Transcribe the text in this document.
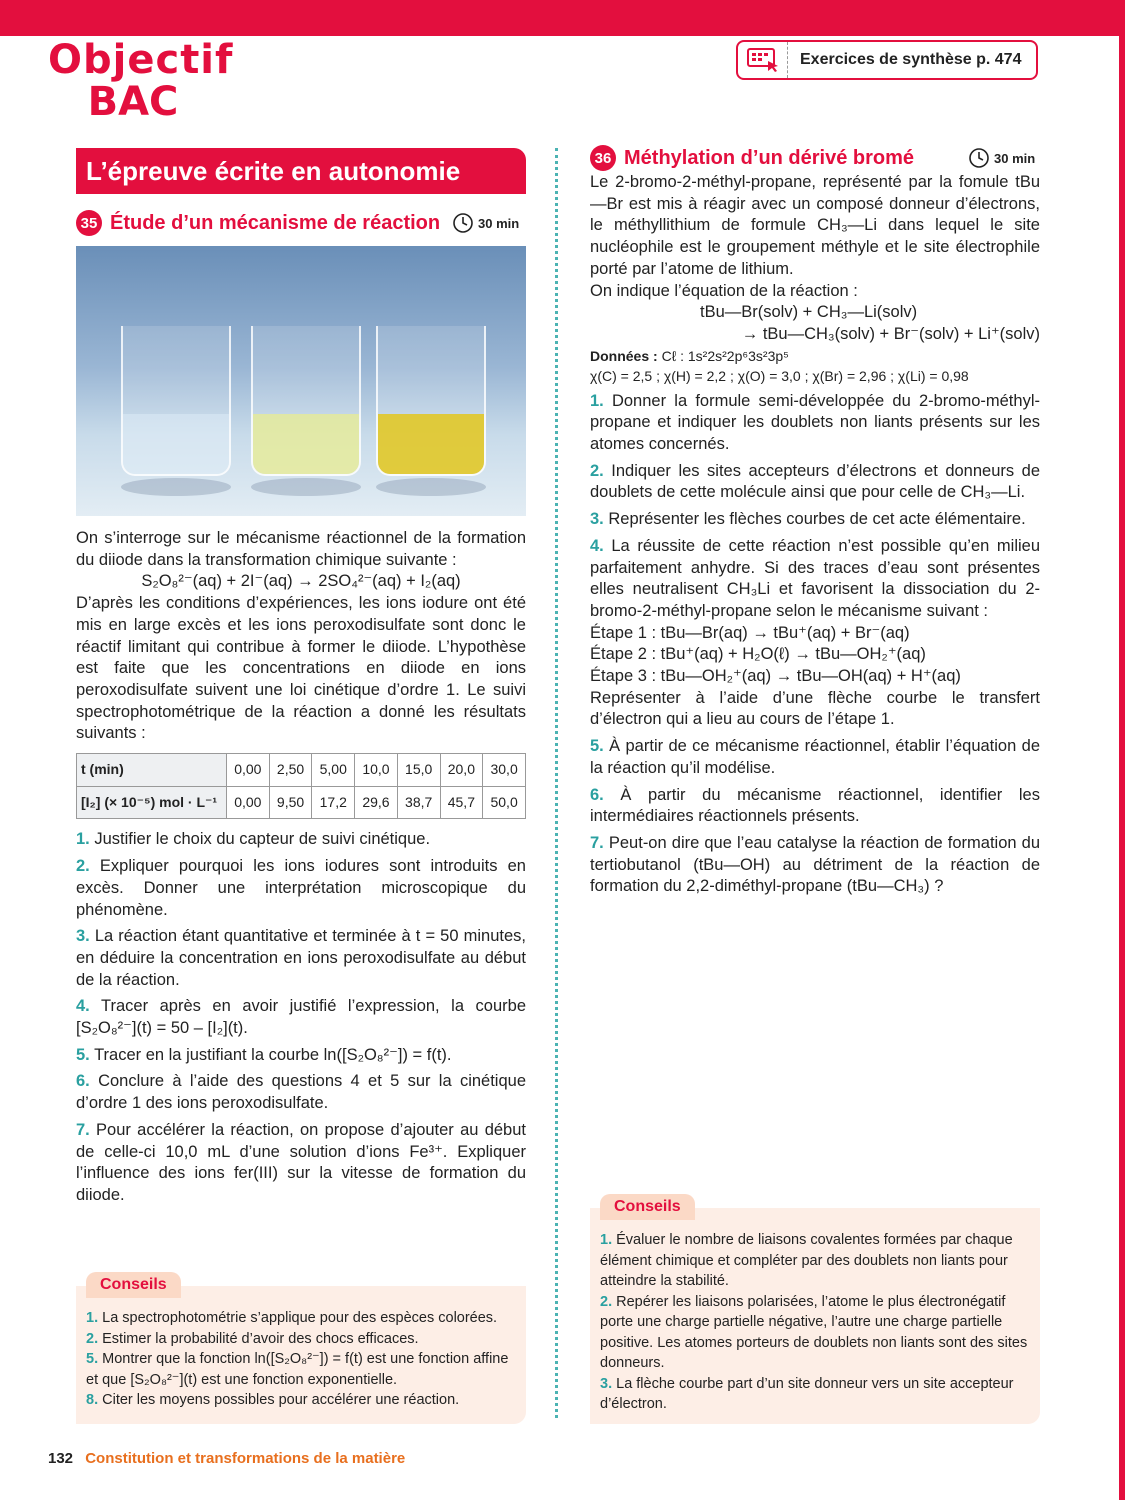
Objectif
BAC
Exercices de synthèse p. 474
L’épreuve écrite en autonomie
35 Étude d’un mécanisme de réaction	30 min

On s’interroge sur le mécanisme réactionnel de la formation du diiode dans la transformation chimique suivante :

S₂O₈²⁻(aq) + 2I⁻(aq) → 2SO₄²⁻(aq) + I₂(aq)

D’après les conditions d’expériences, les ions iodure ont été mis en large excès et les ions peroxodisulfate sont donc le réactif limitant qui contribue à former le diiode. L’hypothèse est faite que les concentrations en diiode en ions peroxodisulfate suivent une loi cinétique d’ordre 1. Le suivi spectrophotométrique de la réaction a donné les résultats suivants :

t (min)	0,00	2,50	5,00	10,0	15,0	20,0	30,0
[I₂] (× 10⁻⁵) mol · L⁻¹	0,00	9,50	17,2	29,6	38,7	45,7	50,0

1. Justifier le choix du capteur de suivi cinétique.

2. Expliquer pourquoi les ions iodures sont introduits en excès. Donner une interprétation microscopique du phénomène.

3. La réaction étant quantitative et terminée à t = 50 minutes, en déduire la concentration en ions peroxodisulfate au début de la réaction.

4. Tracer après en avoir justifié l’expression, la courbe [S₂O₈²⁻](t) = 50 – [I₂](t).

5. Tracer en la justifiant la courbe ln([S₂O₈²⁻]) = f(t).

6. Conclure à l’aide des questions 4 et 5 sur la cinétique d’ordre 1 des ions peroxodisulfate.

7. Pour accélérer la réaction, on propose d’ajouter au début de celle-ci 10,0 mL d’une solution d’ions Fe³⁺. Expliquer l’influence des ions fer(III) sur la vitesse de formation du diiode.

Conseils
1. La spectrophotométrie s’applique pour des espèces colorées.
2. Estimer la probabilité d’avoir des chocs efficaces.
5. Montrer que la fonction ln([S₂O₈²⁻]) = f(t) est une fonction affine et que [S₂O₈²⁻](t) est une fonction exponentielle.
8. Citer les moyens possibles pour accélérer une réaction.
36 Méthylation d’un dérivé bromé	30 min

Le 2-bromo-2-méthyl-propane, représenté par la fomule tBu—Br est mis à réagir avec un composé donneur d’électrons, le méthyllithium de formule CH₃—Li dans lequel le site nucléophile est le groupement méthyle et le site électrophile porté par l’atome de lithium.

On indique l’équation de la réaction :

tBu—Br(solv) + CH₃—Li(solv)

→ tBu—CH₃(solv) + Br⁻(solv) + Li⁺(solv)

Données : Cℓ : 1s²2s²2p⁶3s²3p⁵

χ(C) = 2,5 ; χ(H) = 2,2 ; χ(O) = 3,0 ; χ(Br) = 2,96 ; χ(Li) = 0,98

1. Donner la formule semi-développée du 2-bromo-méthyl-propane et indiquer les doublets non liants présents sur les atomes concernés.

2. Indiquer les sites accepteurs d’électrons et donneurs de doublets de cette molécule ainsi que pour celle de CH₃—Li.

3. Représenter les flèches courbes de cet acte élémentaire.

4. La réussite de cette réaction n’est possible qu’en milieu parfaitement anhydre. Si des traces d’eau sont présentes elles neutralisent CH₃Li et favorisent la dissociation du 2-bromo-2-méthyl-propane selon le mécanisme suivant :

Étape 1 : tBu—Br(aq) → tBu⁺(aq) + Br⁻(aq)

Étape 2 : tBu⁺(aq) + H₂O(ℓ) → tBu—OH₂⁺(aq)

Étape 3 : tBu—OH₂⁺(aq) → tBu—OH(aq) + H⁺(aq)

Représenter à l’aide d’une flèche courbe le transfert d’électron qui a lieu au cours de l’étape 1.

5. À partir de ce mécanisme réactionnel, établir l’équation de la réaction qu’il modélise.

6. À partir du mécanisme réactionnel, identifier les intermédiaires réactionnels présents.

7. Peut-on dire que l’eau catalyse la réaction de formation du tertiobutanol (tBu—OH) au détriment de la réaction de formation du 2,2-diméthyl-propane (tBu—CH₃) ?

Conseils
1. Évaluer le nombre de liaisons covalentes formées par chaque élément chimique et compléter par des doublets non liants pour atteindre la stabilité.
2. Repérer les liaisons polarisées, l’atome le plus électronégatif porte une charge partielle négative, l’autre une charge partielle positive. Les atomes porteurs de doublets non liants sont des sites donneurs.
3. La flèche courbe part d’un site donneur vers un site accepteur d’électron.
132 Constitution et transformations de la matière
